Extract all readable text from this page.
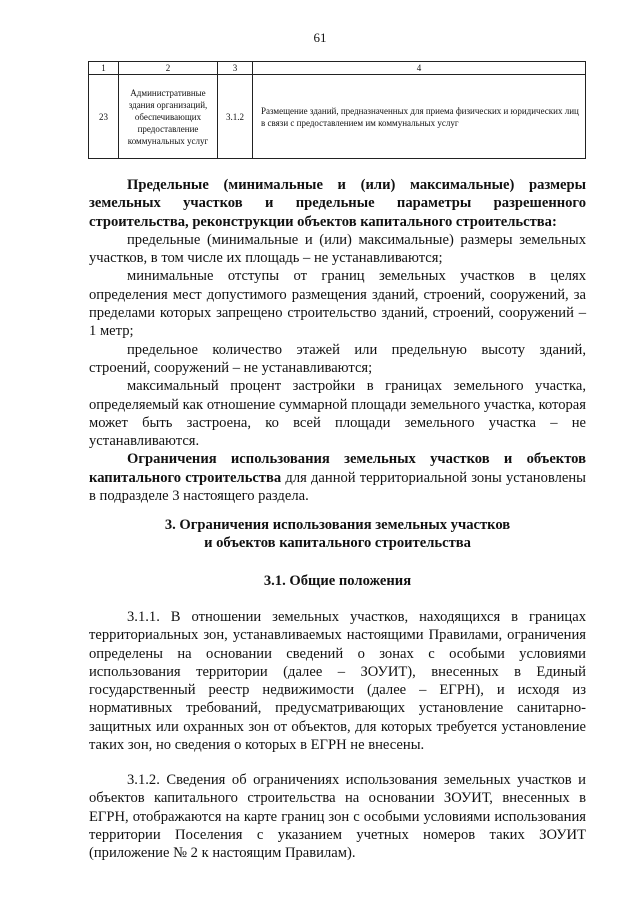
61
1	2	3	4
23	Административные здания организаций, обеспечивающих предоставление коммунальных услуг	3.1.2	Размещение зданий, предназначенных для приема физических и юридических лиц в связи с предоставлением им коммунальных услуг

Предельные (минимальные и (или) максимальные) размеры земельных участков и предельные параметры разрешенного строительства, реконструкции объектов капитального строительства:

предельные (минимальные и (или) максимальные) размеры земельных участков, в том числе их площадь – не устанавливаются;

минимальные отступы от границ земельных участков в целях определения мест допустимого размещения зданий, строений, сооружений, за пределами которых запрещено строительство зданий, строений, сооружений – 1 метр;

предельное количество этажей или предельную высоту зданий, строений, сооружений – не устанавливаются;

максимальный процент застройки в границах земельного участка, определяемый как отношение суммарной площади земельного участка, которая может быть застроена, ко всей площади земельного участка – не устанавливаются.

Ограничения использования земельных участков и объектов капитального строительства для данной территориальной зоны установлены в подразделе 3 настоящего раздела.

3. Ограничения использования земельных участков
и объектов капитального строительства
3.1. Общие положения

3.1.1. В отношении земельных участков, находящихся в границах территориальных зон, устанавливаемых настоящими Правилами, ограничения определены на основании сведений о зонах с особыми условиями использования территории (далее – ЗОУИТ), внесенных в Единый государственный реестр недвижимости (далее – ЕГРН), и исходя из нормативных требований, предусматривающих установление санитарно-защитных или охранных зон от объектов, для которых требуется установление таких зон, но сведения о которых в ЕГРН не внесены.

3.1.2. Сведения об ограничениях использования земельных участков и объектов капитального строительства на основании ЗОУИТ, внесенных в ЕГРН, отображаются на карте границ зон с особыми условиями использования территории Поселения с указанием учетных номеров таких ЗОУИТ (приложение № 2 к настоящим Правилам).
